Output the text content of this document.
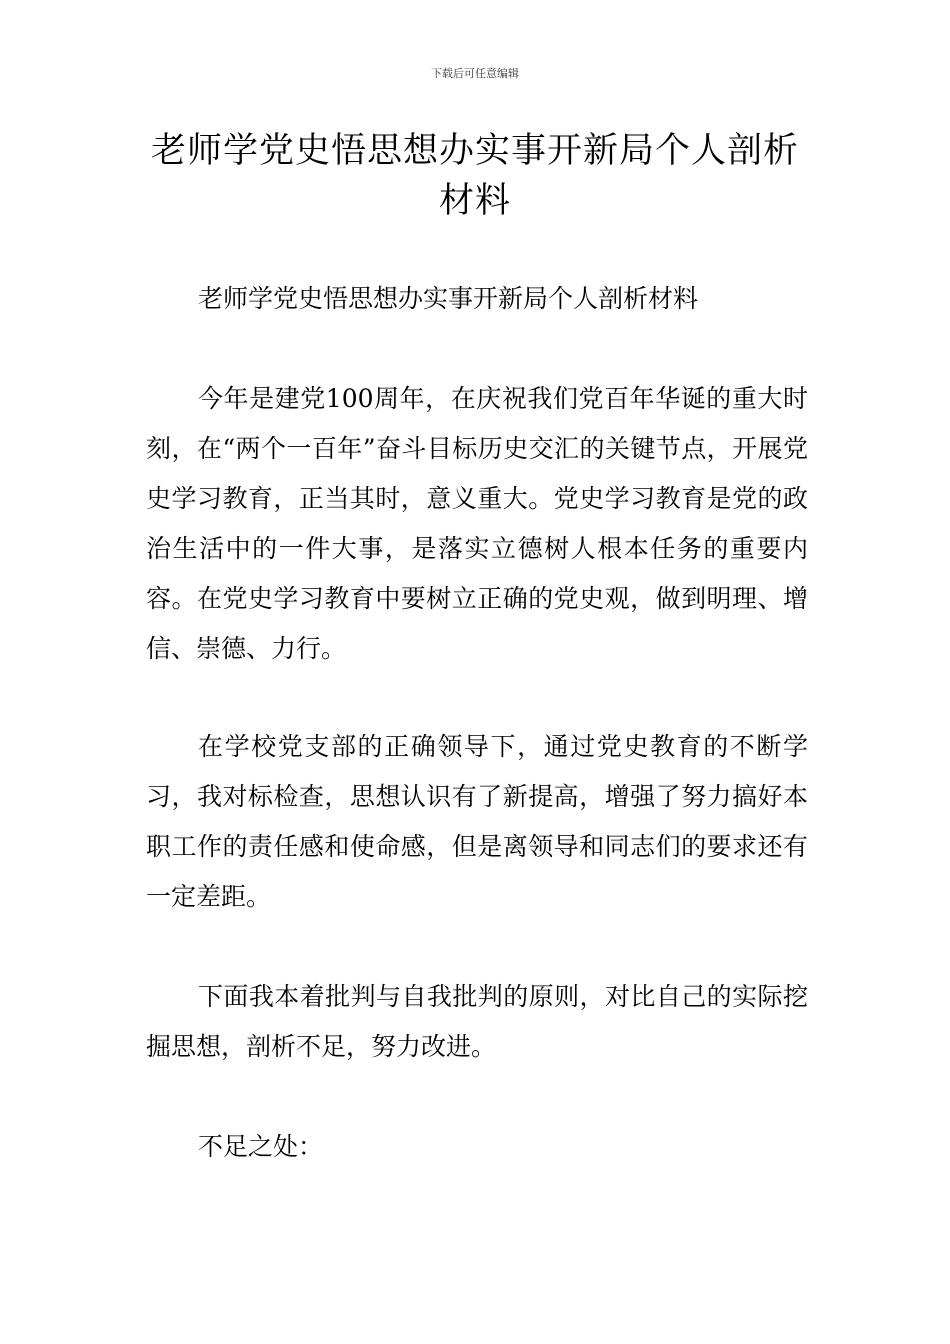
下载后可任意编辑
老师学党史悟思想办实事开新局个人剖析材料

老师学党史悟思想办实事开新局个人剖析材料

今年是建党100周年，在庆祝我们党百年华诞的重大时刻，在“两个一百年”奋斗目标历史交汇的关键节点，开展党史学习教育，正当其时，意义重大。党史学习教育是党的政治生活中的一件大事，是落实立德树人根本任务的重要内容。在党史学习教育中要树立正确的党史观，做到明理、增信、崇德、力行。

在学校党支部的正确领导下，通过党史教育的不断学习，我对标检查，思想认识有了新提高，增强了努力搞好本职工作的责任感和使命感，但是离领导和同志们的要求还有一定差距。

下面我本着批判与自我批判的原则，对比自己的实际挖掘思想，剖析不足，努力改进。

不足之处：
